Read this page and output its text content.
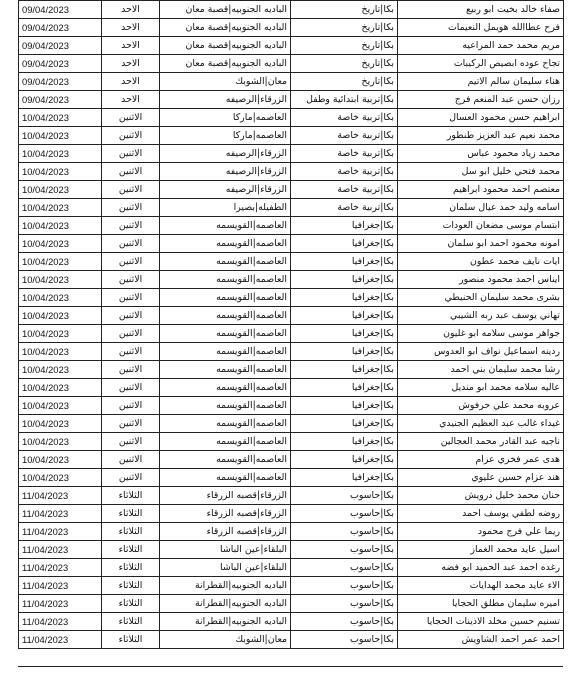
09/04/2023	الاحد	البادیه الجنوبيه|قصبة معان	بكا|تاريخ	صفاء خالد بخيت ابو ربيع
09/04/2023	الاحد	البادیه الجنوبيه|قصبة معان	بكا|تاريخ	فرح عطاالله هويمل النعيمات
09/04/2023	الاحد	البادیه الجنوبيه|قصبة معان	بكا|تاريخ	مريم محمد حمد المراعيه
09/04/2023	الاحد	البادیه الجنوبيه|قصبة معان	بكا|تاريخ	تجاح عوده ابصيص الركيبات
09/04/2023	الاحد	معان|الشوبك	بكا|تاريخ	هناء سليمان سالم الاتيم
09/04/2023	الاحد	الزرقاء|الرصيفه	بكا|تربية ابتدائية وطفل	رزان حسن عبد المنعم فرج
10/04/2023	الاثنين	العاصمه|ماركا	بكا|تربية خاصة	ابراهيم حسن محمود العسال
10/04/2023	الاثنين	العاصمه|ماركا	بكا|تربية خاصة	محمد نعيم عبد العزيز طنطور
10/04/2023	الاثنين	الزرقاء|الرصيفه	بكا|تربية خاصة	محمد زياد محمود عباس
10/04/2023	الاثنين	الزرقاء|الرصيفه	بكا|تربية خاصة	محمد فتحي خليل ابو سل
10/04/2023	الاثنين	الزرقاء|الرصيفه	بكا|تربية خاصة	معتصم احمد محمود ابراهيم
10/04/2023	الاثنين	الطفيله|بصيرا	بكا|تربية خاصة	اسامه وليد حمد عيال سلمان
10/04/2023	الاثنين	العاصمه|القويسمه	بكا|جغرافيا	ابتسام موسى مضعان العودات
10/04/2023	الاثنين	العاصمه|القويسمه	بكا|جغرافيا	امونه محمود احمد ابو سلمان
10/04/2023	الاثنين	العاصمه|القويسمه	بكا|جغرافيا	ايات نايف محمد عطون
10/04/2023	الاثنين	العاصمه|القويسمه	بكا|جغرافيا	ايناس احمد محمود منصور
10/04/2023	الاثنين	العاصمه|القويسمه	بكا|جغرافيا	بشرى محمد سليمان الحنيطي
10/04/2023	الاثنين	العاصمه|القويسمه	بكا|جغرافيا	تهاني يوسف عبد ربه الشيبي
10/04/2023	الاثنين	العاصمه|القويسمه	بكا|جغرافيا	جواهر موسى سلامه ابو غليون
10/04/2023	الاثنين	العاصمه|القويسمه	بكا|جغرافيا	ردينه اسماعيل نواف ابو العدوس
10/04/2023	الاثنين	العاصمه|القويسمه	بكا|جغرافيا	رشا محمد سليمان بني احمد
10/04/2023	الاثنين	العاصمه|القويسمه	بكا|جغرافيا	عاليه سلامه محمد ابو منديل
10/04/2023	الاثنين	العاصمه|القويسمه	بكا|جغرافيا	عروبه محمد علي حرفوش
10/04/2023	الاثنين	العاصمه|القويسمه	بكا|جغرافيا	غيداء غالب عبد العظيم الجنيدي
10/04/2023	الاثنين	العاصمه|القويسمه	بكا|جغرافيا	ناجيه عبد القادر محمد العجالين
10/04/2023	الاثنين	العاصمه|القويسمه	بكا|جغرافيا	هدى عمر فخري عزام
10/04/2023	الاثنين	العاصمه|القويسمه	بكا|جغرافيا	هند عزام حسين عليوي
11/04/2023	الثلاثاء	الزرقاء|قصبه الزرقاء	بكا|حاسوب	حنان محمد خليل درويش
11/04/2023	الثلاثاء	الزرقاء|قصبه الزرقاء	بكا|حاسوب	روضه لطفي يوسف احمد
11/04/2023	الثلاثاء	الزرقاء|قصبه الزرقاء	بكا|حاسوب	ريما علي فرج محمود
11/04/2023	الثلاثاء	البلقاء|عين الباشا	بكا|حاسوب	اسيل عايد محمد الغماز
11/04/2023	الثلاثاء	البلقاء|عين الباشا	بكا|حاسوب	رغده احمد عبد الحميد ابو فضه
11/04/2023	الثلاثاء	البادیه الجنوبيه|القطرانة	بكا|حاسوب	الاء عايد محمد الهدايات
11/04/2023	الثلاثاء	البادیه الجنوبيه|القطرانة	بكا|حاسوب	اميره سليمان مطلق الحجايا
11/04/2023	الثلاثاء	البادیه الجنوبيه|القطرانة	بكا|حاسوب	تسنيم حسين مخلد الاذينات الحجايا
11/04/2023	الثلاثاء	معان|الشوبك	بكا|حاسوب	احمد عمر احمد الشاويش
